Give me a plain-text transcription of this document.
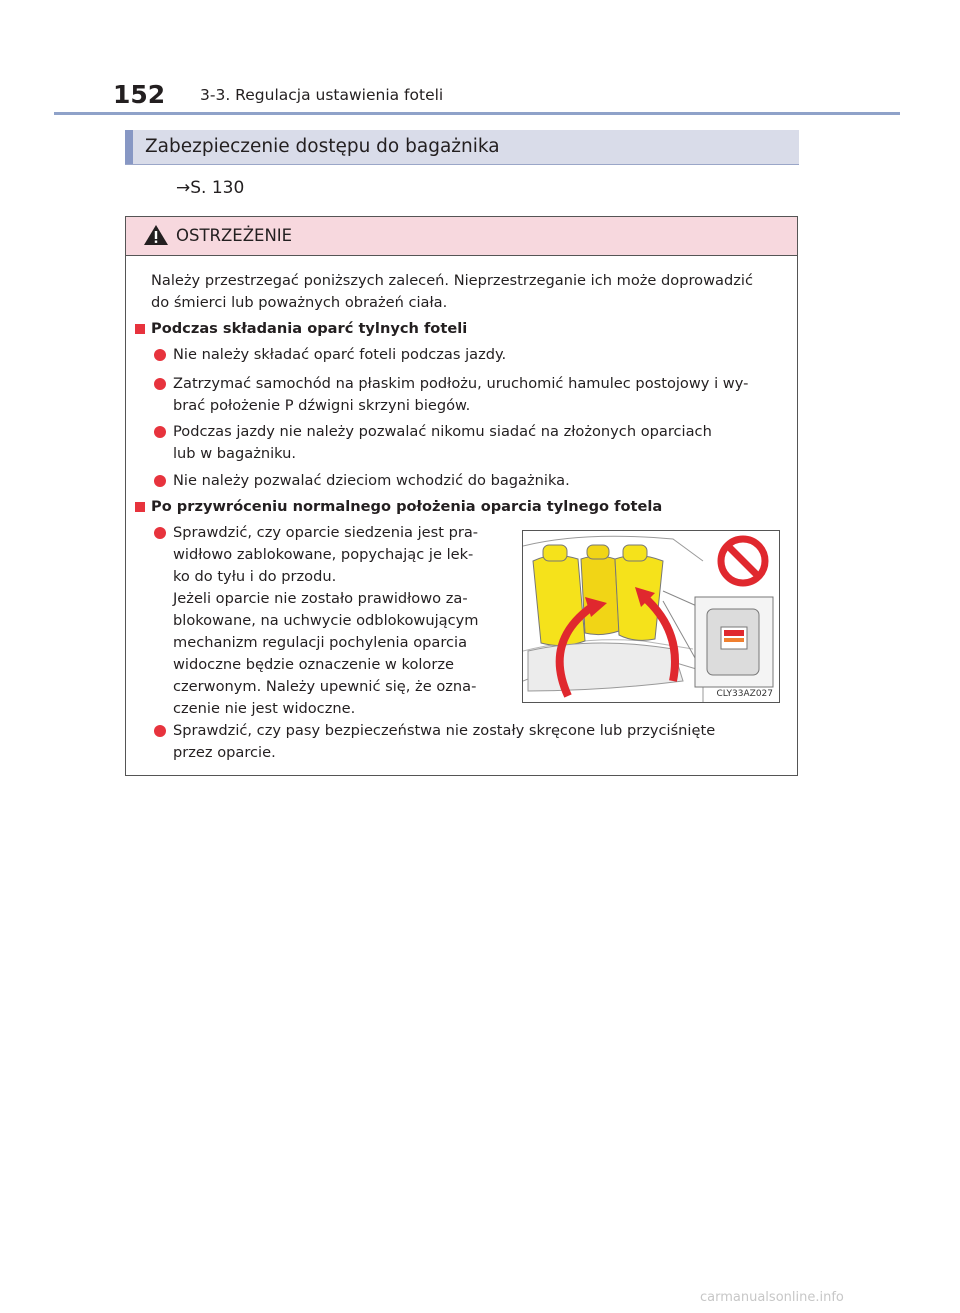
152 3-3. Regulacja ustawienia foteli
Zabezpieczenie dostępu do bagażnika
→S. 130
OSTRZEŻENIE
Należy przestrzegać poniższych zaleceń. Nieprzestrzeganie ich może doprowadzić
do śmierci lub poważnych obrażeń ciała.
Podczas składania oparć tylnych foteli
Nie należy składać oparć foteli podczas jazdy.
Zatrzymać samochód na płaskim podłożu, uruchomić hamulec postojowy i wy-
brać położenie P dźwigni skrzyni biegów.
Podczas jazdy nie należy pozwalać nikomu siadać na złożonych oparciach
lub w bagażniku.
Nie należy pozwalać dzieciom wchodzić do bagażnika.
Po przywróceniu normalnego położenia oparcia tylnego fotela
Sprawdzić, czy oparcie siedzenia jest pra-
widłowo zablokowane, popychając je lek-
ko do tyłu i do przodu.
Jeżeli oparcie nie zostało prawidłowo za-
blokowane, na uchwycie odblokowującym
mechanizm regulacji pochylenia oparcia
widoczne będzie oznaczenie w kolorze
czerwonym. Należy upewnić się, że ozna-
czenie nie jest widoczne.
Sprawdzić, czy pasy bezpieczeństwa nie zostały skręcone lub przyciśnięte
przez oparcie.
CLY33AZ027
carmanualsonline.info
